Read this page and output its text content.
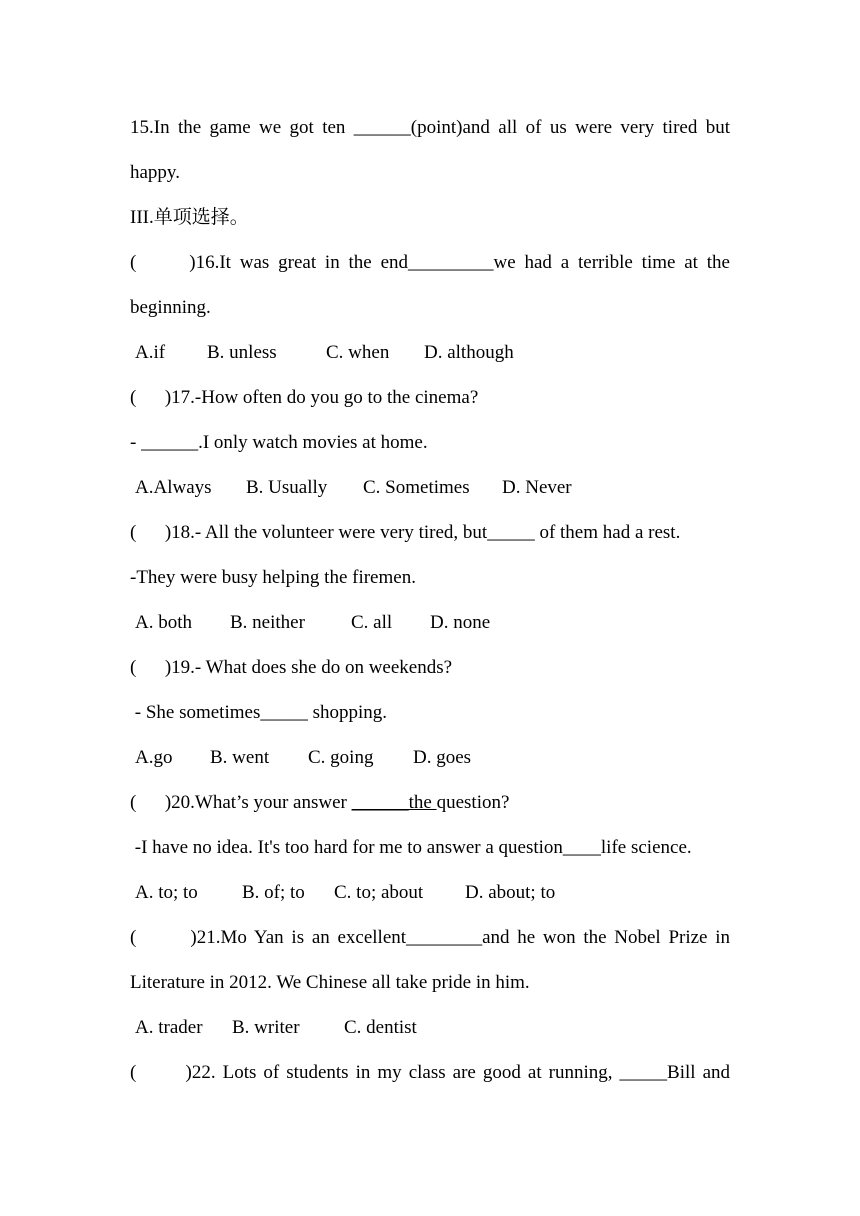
15.In the game we got ten ______(point)and all of us were very tired but
happy.
III.单项选择。
(      )16.It was great in the end_________we had a terrible time at the
beginning.
A.if B. unless	C. when D. although
(      )17.-How often do you go to the cinema?
- ______.I only watch movies at home.
A.Always B. Usually C. Sometimes D. Never
(      )18.- All the volunteer were very tired, but_____ of them had a rest.
-They were busy helping the firemen.
A. both B. neither C. all D. none
(      )19.- What does she do on weekends?
- She sometimes_____ shopping.
A.go B. went C. going D. goes
(      )20.What’s your answer ______the question?
-I have no idea. It's too hard for me to answer a question____life science.
A. to; to B. of; to C. to; about D. about; to
(       )21.Mo Yan is an excellent________and he won the Nobel Prize in
Literature in 2012. We Chinese all take pride in him.
A. trader B. writer C. dentist
(       )22. Lots of students in my class are good at running, _____Bill and
